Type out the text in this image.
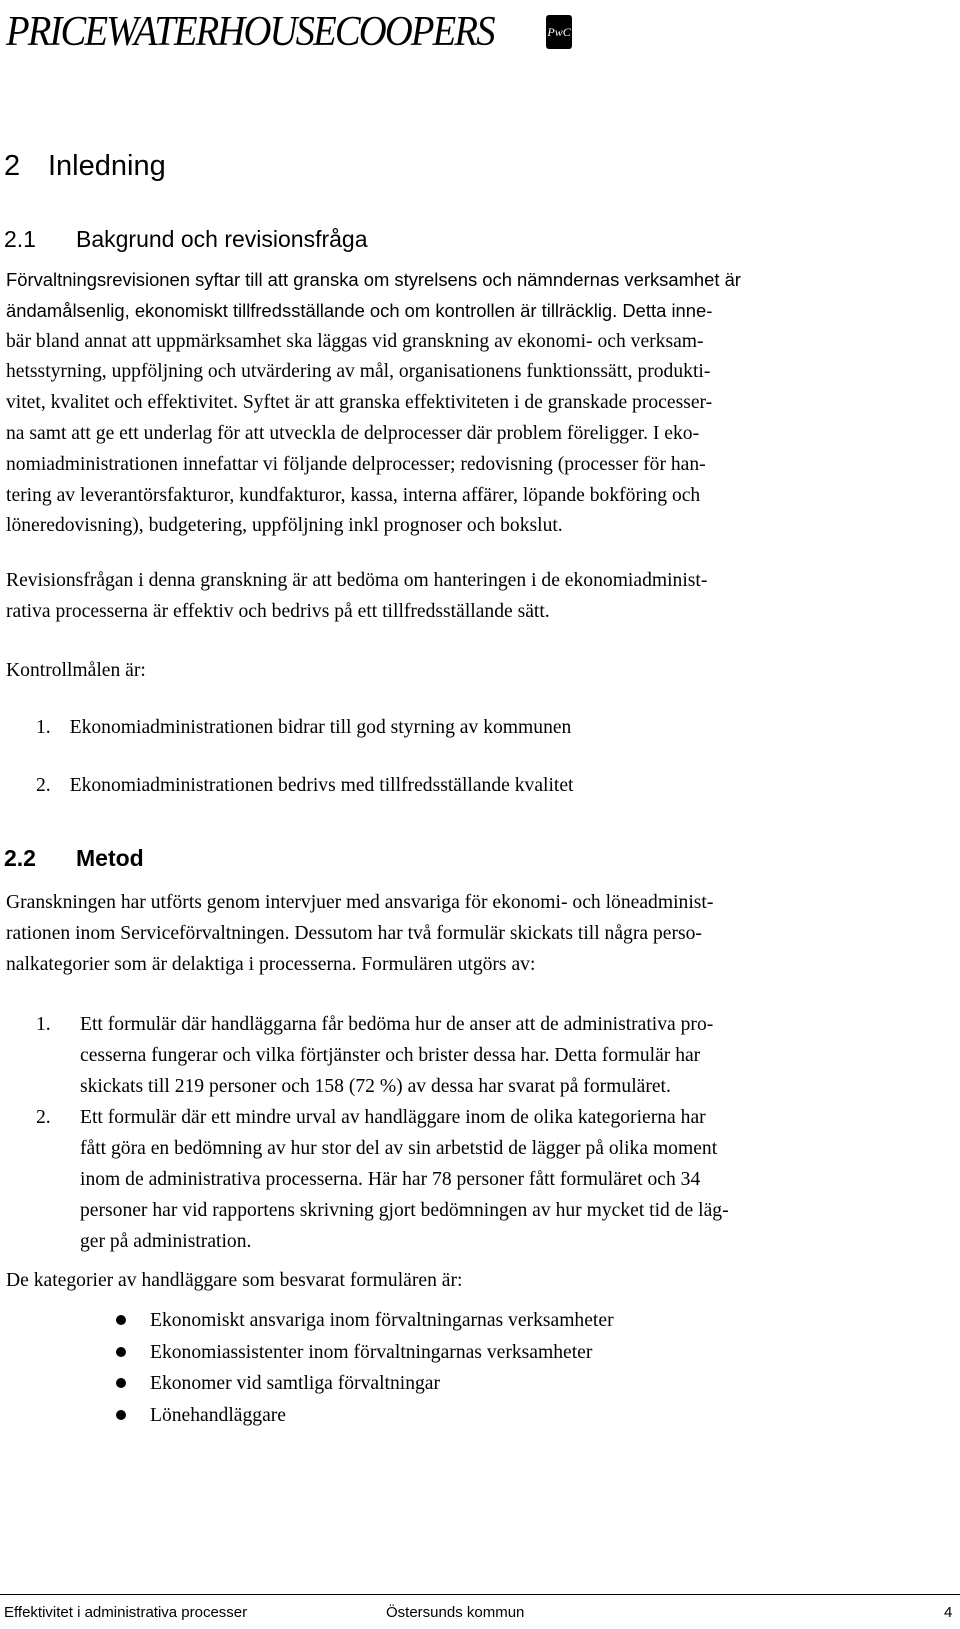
PRICEWATERHOUSECOOPERS	PwC
2 Inledning
2.1 Bakgrund och revisionsfråga
Förvaltningsrevisionen syftar till att granska om styrelsens och nämndernas verksamhet är
ändamålsenlig, ekonomiskt tillfredsställande och om kontrollen är tillräcklig. Detta inne-
bär bland annat att uppmärksamhet ska läggas vid granskning av ekonomi- och verksam-
hetsstyrning, uppföljning och utvärdering av mål, organisationens funktionssätt, produkti-
vitet, kvalitet och effektivitet. Syftet är att granska effektiviteten i de granskade processer-
na samt att ge ett underlag för att utveckla de delprocesser där problem föreligger. I eko-
nomiadministrationen innefattar vi följande delprocesser; redovisning (processer för han-
tering av leverantörsfakturor, kundfakturor, kassa, interna affärer, löpande bokföring och
löneredovisning), budgetering, uppföljning inkl prognoser och bokslut.
Revisionsfrågan i denna granskning är att bedöma om hanteringen i de ekonomiadminist-
rativa processerna är effektiv och bedrivs på ett tillfredsställande sätt.
Kontrollmålen är:
1. Ekonomiadministrationen bidrar till god styrning av kommunen
2. Ekonomiadministrationen bedrivs med tillfredsställande kvalitet
2.2 Metod
Granskningen har utförts genom intervjuer med ansvariga för ekonomi- och löneadminist-
rationen inom Serviceförvaltningen. Dessutom har två formulär skickats till några perso-
nalkategorier som är delaktiga i processerna. Formulären utgörs av:
1. Ett formulär där handläggarna får bedöma hur de anser att de administrativa pro-
cesserna fungerar och vilka förtjänster och brister dessa har. Detta formulär har
skickats till 219 personer och 158 (72 %) av dessa har svarat på formuläret.
2. Ett formulär där ett mindre urval av handläggare inom de olika kategorierna har
fått göra en bedömning av hur stor del av sin arbetstid de lägger på olika moment
inom de administrativa processerna. Här har 78 personer fått formuläret och 34
personer har vid rapportens skrivning gjort bedömningen av hur mycket tid de läg-
ger på administration.
De kategorier av handläggare som besvarat formulären är:
Ekonomiskt ansvariga inom förvaltningarnas verksamheter
Ekonomiassistenter inom förvaltningarnas verksamheter
Ekonomer vid samtliga förvaltningar
Lönehandläggare
Effektivitet i administrativa processer	Östersunds kommun	4
